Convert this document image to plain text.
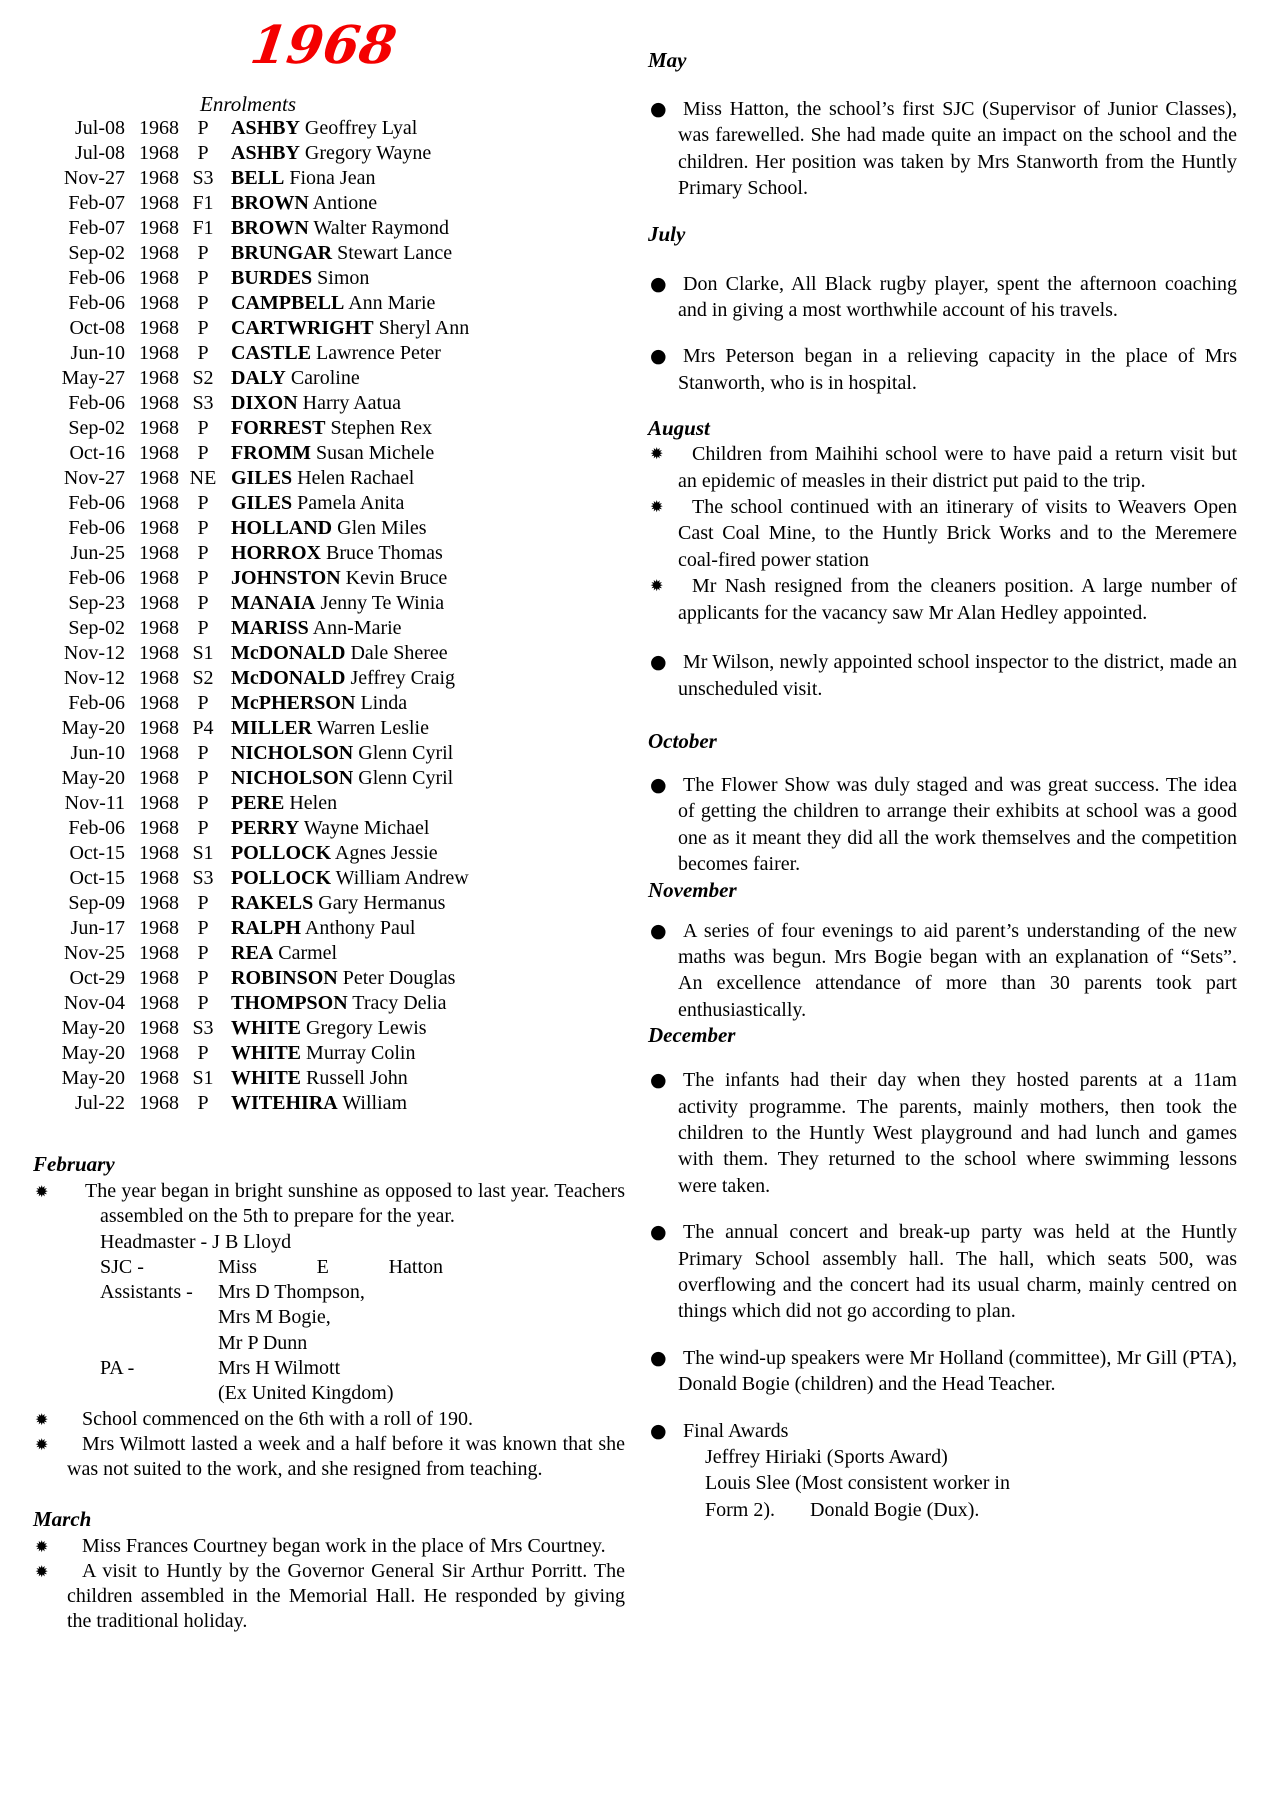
1968
Enrolments
Jul-08 1968 P	ASHBY Geoffrey Lyal
Jul-08 1968 P	ASHBY Gregory Wayne
Nov-27 1968 S3 BELL Fiona Jean
Feb-07 1968 F1 BROWN Antione
Feb-07 1968 F1 BROWN Walter Raymond
Sep-02 1968 P	BRUNGAR Stewart Lance
Feb-06 1968 P	BURDES Simon
Feb-06 1968 P	CAMPBELL Ann Marie
Oct-08 1968 P	CARTWRIGHT Sheryl Ann
Jun-10 1968 P	CASTLE Lawrence Peter
May-27 1968 S2 DALY Caroline
Feb-06 1968 S3 DIXON Harry Aatua
Sep-02 1968 P	FORREST Stephen Rex
Oct-16 1968 P	FROMM Susan Michele
Nov-27 1968 NE GILES Helen Rachael
Feb-06 1968 P	GILES Pamela Anita
Feb-06 1968 P	HOLLAND Glen Miles
Jun-25 1968 P	HORROX Bruce Thomas
Feb-06 1968 P	JOHNSTON Kevin Bruce
Sep-23 1968 P	MANAIA Jenny Te Winia
Sep-02 1968 P	MARISS Ann-Marie
Nov-12 1968 S1 McDONALD Dale Sheree
Nov-12 1968 S2 McDONALD Jeffrey Craig
Feb-06 1968 P	McPHERSON Linda
May-20 1968 P4 MILLER Warren Leslie
Jun-10 1968 P	NICHOLSON Glenn Cyril
May-20 1968 P	NICHOLSON Glenn Cyril
Nov-11 1968 P	PERE Helen
Feb-06 1968 P	PERRY Wayne Michael
Oct-15 1968 S1 POLLOCK Agnes Jessie
Oct-15 1968 S3 POLLOCK William Andrew
Sep-09 1968 P	RAKELS Gary Hermanus
Jun-17 1968 P	RALPH Anthony Paul
Nov-25 1968 P	REA Carmel
Oct-29 1968 P	ROBINSON Peter Douglas
Nov-04 1968 P	THOMPSON Tracy Delia
May-20 1968 S3 WHITE Gregory Lewis
May-20 1968 P	WHITE Murray Colin
May-20 1968 S1 WHITE Russell John
Jul-22 1968 P	WITEHIRA William
February
✹ The year began in bright sunshine as opposed to last year. Teachers assembled on the 5th to prepare for the year.
Headmaster - J B Lloyd
SJC -	Miss	E	Hatton
Assistants -	Mrs D Thompson,
Mrs M Bogie,
Mr P Dunn
PA -	Mrs H Wilmott
(Ex United Kingdom)
✹	School commenced on the 6th with a roll of 190.
✹	Mrs Wilmott lasted a week and a half before it was known that she was not suited to the work, and she resigned from teaching.
March
✹	Miss Frances Courtney began work in the place of Mrs Courtney.
✹	A visit to Huntly by the Governor General Sir Arthur Porritt. The children assembled in the Memorial Hall. He responded by giving the traditional holiday.
May
● Miss Hatton, the school’s first SJC (Supervisor of Junior Classes), was farewelled. She had made quite an impact on the school and the children. Her position was taken by Mrs Stanworth from the Huntly Primary School.
July
● Don Clarke, All Black rugby player, spent the afternoon coaching and in giving a most worthwhile account of his travels.
● Mrs Peterson began in a relieving capacity in the place of Mrs Stanworth, who is in hospital.
August
✹	Children from Maihihi school were to have paid a return visit but an epidemic of measles in their district put paid to the trip.
✹	The school continued with an itinerary of visits to Weavers Open Cast Coal Mine, to the Huntly Brick Works and to the Meremere coal-fired power station
✹	Mr Nash resigned from the cleaners position. A large number of applicants for the vacancy saw Mr Alan Hedley appointed.
● Mr Wilson, newly appointed school inspector to the district, made an unscheduled visit.
October
● The Flower Show was duly staged and was great success. The idea of getting the children to arrange their exhibits at school was a good one as it meant they did all the work themselves and the competition becomes fairer.
November
● A series of four evenings to aid parent’s understanding of the new maths was begun. Mrs Bogie began with an explanation of “Sets”. An excellence attendance of more than 30 parents took part enthusiastically.
December
● The infants had their day when they hosted parents at a 11am activity programme. The parents, mainly mothers, then took the children to the Huntly West playground and had lunch and games with them. They returned to the school where swimming lessons were taken.
● The annual concert and break-up party was held at the Huntly Primary School assembly hall. The hall, which seats 500, was overflowing and the concert had its usual charm, mainly centred on things which did not go according to plan.
● The wind-up speakers were Mr Holland (committee), Mr Gill (PTA), Donald Bogie (children) and the Head Teacher.
● Final Awards
Jeffrey Hiriaki (Sports Award)
Louis Slee (Most consistent worker in
Form 2).       Donald Bogie (Dux).
